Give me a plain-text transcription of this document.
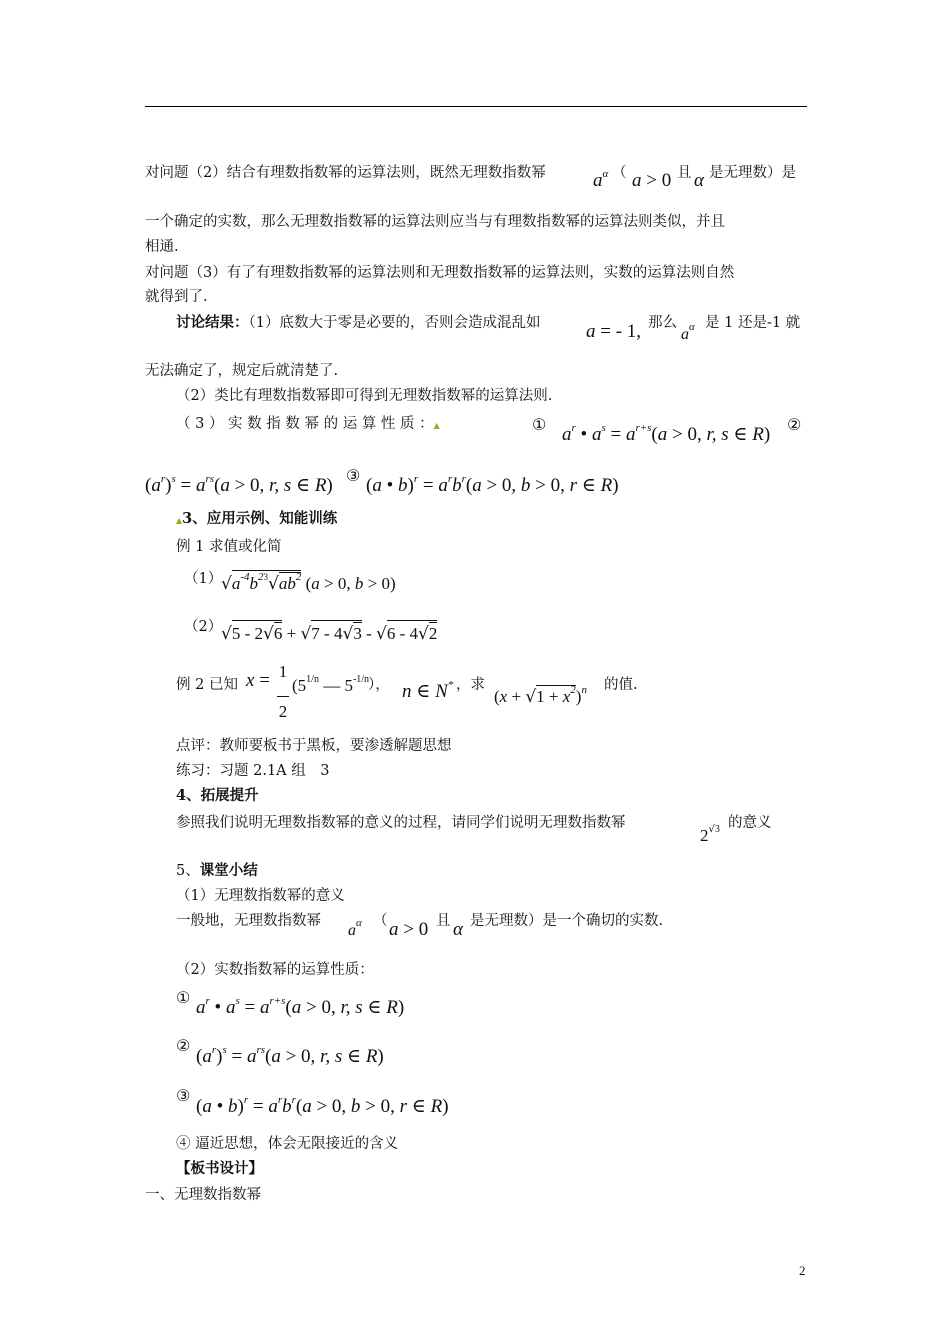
对问题（2）结合有理数指数幂的运算法则，既然无理数指数幂 $a^\alpha$ （ a > 0 且 α 是无理数）是
一个确定的实数，那么无理数指数幂的运算法则应当与有理数指数幂的运算法则类似，并且
相通.
对问题（3）有了有理数指数幂的运算法则和无理数指数幂的运算法则，实数的运算法则自然
就得到了.
讨论结果：（1）底数大于零是必要的，否则会造成混乱如 a = - 1, 那么
$a^\alpha$ 是 1 还是-1 就
无法确定了，规定后就清楚了.
（2）类比有理数指数幂即可得到无理数指数幂的运算法则.
（ 3 ） 实 数 指 数 幂 的 运 算 性 质 ：▲	① $a^r$ • $a^s = a^{r+s}(a > 0$, r, s ∈ R) ②
$(a^r)^s = a^{rs}(a > 0$, r, s ∈ R) ③ (a • $b)^r = a^rb^r(a > 0$, b > 0, r ∈ R)
▲3、应用示例、知能训练
例 1 求值或化简
（1）
$√a^{-4}b^{23}√ab^2$ (a > 0, b > 0)
（2）
√5 - 2√6 + √7 - 4√3 - √6 - 4√2
例 2 已知 x = 1

2
($5^{1/n}$ — $5^{-1/n}$
）， n ∈ N* ，求
$(x + √1 + x^2)^n$ 的值.
点评：教师要板书于黑板，要渗透解题思想
练习：习题 2.1A 组　3
4、拓展提升
参照我们说明无理数指数幂的意义的过程，请同学们说明无理数指数幂
$2^{√3}$ 的意义
5、课堂小结
（1）无理数指数幂的意义
一般地，无理数指数幂
$a^\alpha$ （ a > 0 且 α 是无理数）是一个确切的实数.
（2）实数指数幂的运算性质：
① $a^r$ • $a^s = a^{r+s}(a > 0$, r, s ∈ R)
②
$(a^r)^s = a^{rs}(a > 0$, r, s ∈ R)
③
(a • $b)^r = a^rb^r(a > 0$, b > 0, r ∈ R)
④ 逼近思想，体会无限接近的含义
【板书设计】
一、无理数指数幂
2
